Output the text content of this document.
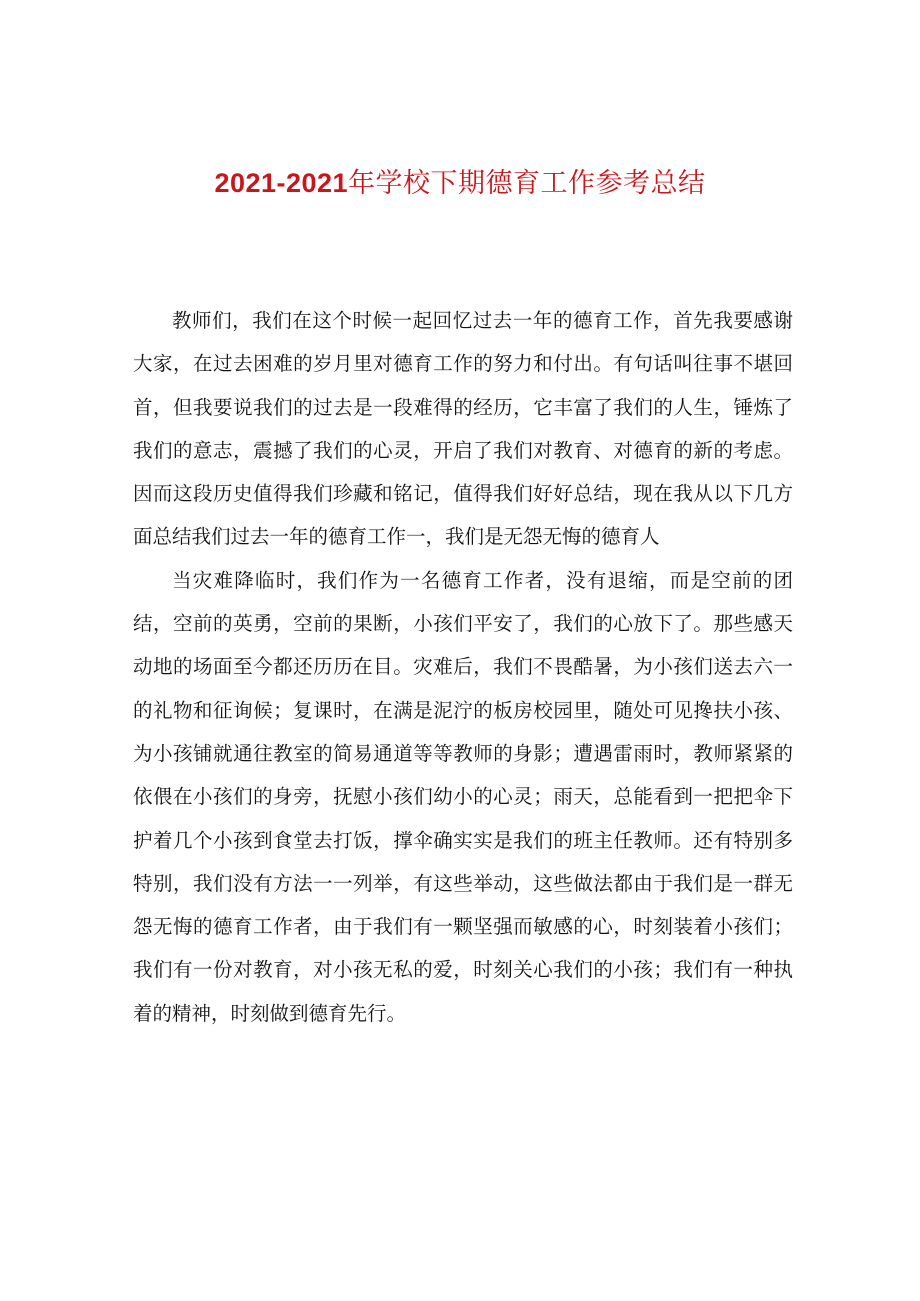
2021-2021年学校下期德育工作参考总结

教师们，我们在这个时候一起回忆过去一年的德育工作，首先我要感谢大家，在过去困难的岁月里对德育工作的努力和付出。有句话叫往事不堪回首，但我要说我们的过去是一段难得的经历，它丰富了我们的人生，锤炼了我们的意志，震撼了我们的心灵，开启了我们对教育、对德育的新的考虑。因而这段历史值得我们珍藏和铭记，值得我们好好总结，现在我从以下几方面总结我们过去一年的德育工作一，我们是无怨无悔的德育人

当灾难降临时，我们作为一名德育工作者，没有退缩，而是空前的团结，空前的英勇，空前的果断，小孩们平安了，我们的心放下了。那些感天动地的场面至今都还历历在目。灾难后，我们不畏酷暑，为小孩们送去六一的礼物和征询候；复课时，在满是泥泞的板房校园里，随处可见搀扶小孩、为小孩铺就通往教室的简易通道等等教师的身影；遭遇雷雨时，教师紧紧的依偎在小孩们的身旁，抚慰小孩们幼小的心灵；雨天，总能看到一把把伞下护着几个小孩到食堂去打饭，撑伞确实实是我们的班主任教师。还有特别多特别，我们没有方法一一列举，有这些举动，这些做法都由于我们是一群无怨无悔的德育工作者，由于我们有一颗坚强而敏感的心，时刻装着小孩们；我们有一份对教育，对小孩无私的爱，时刻关心我们的小孩；我们有一种执着的精神，时刻做到德育先行。
